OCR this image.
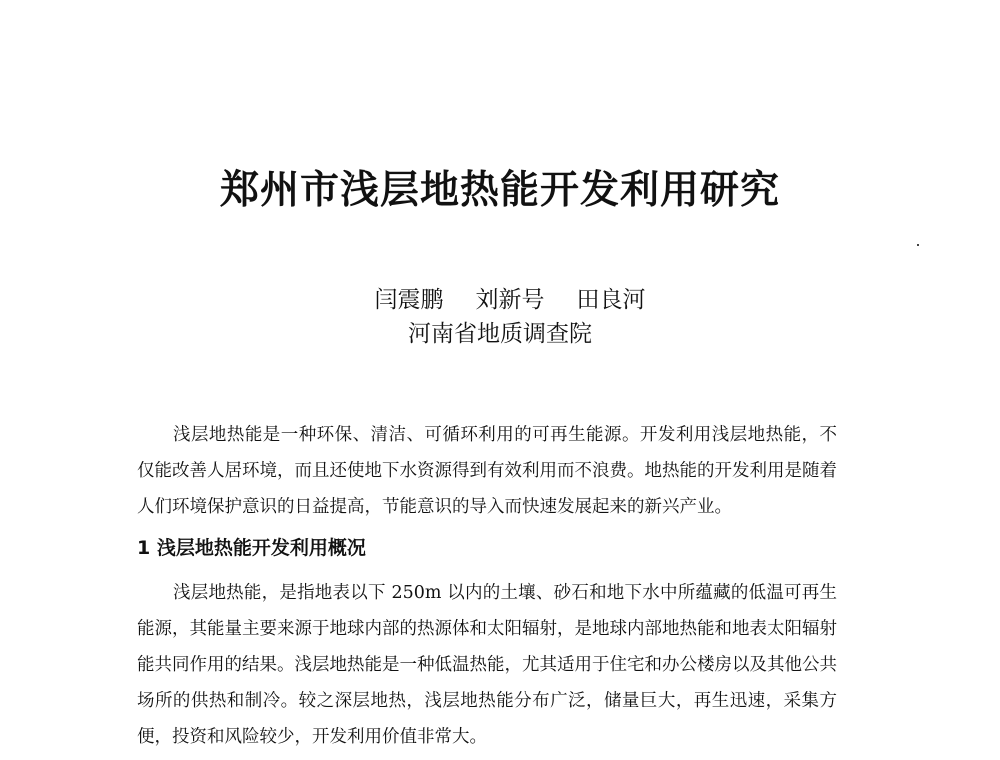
郑州市浅层地热能开发利用研究
闫震鹏 刘新号 田良河
河南省地质调查院

浅层地热能是一种环保、清洁、可循环利用的可再生能源。开发利用浅层地热能，不仅能改善人居环境，而且还使地下水资源得到有效利用而不浪费。地热能的开发利用是随着人们环境保护意识的日益提高，节能意识的导入而快速发展起来的新兴产业。

1 浅层地热能开发利用概况

浅层地热能，是指地表以下 250m 以内的土壤、砂石和地下水中所蕴藏的低温可再生能源，其能量主要来源于地球内部的热源体和太阳辐射，是地球内部地热能和地表太阳辐射能共同作用的结果。浅层地热能是一种低温热能，尤其适用于住宅和办公楼房以及其他公共场所的供热和制冷。较之深层地热，浅层地热能分布广泛，储量巨大，再生迅速，采集方便，投资和风险较少，开发利用价值非常大。
